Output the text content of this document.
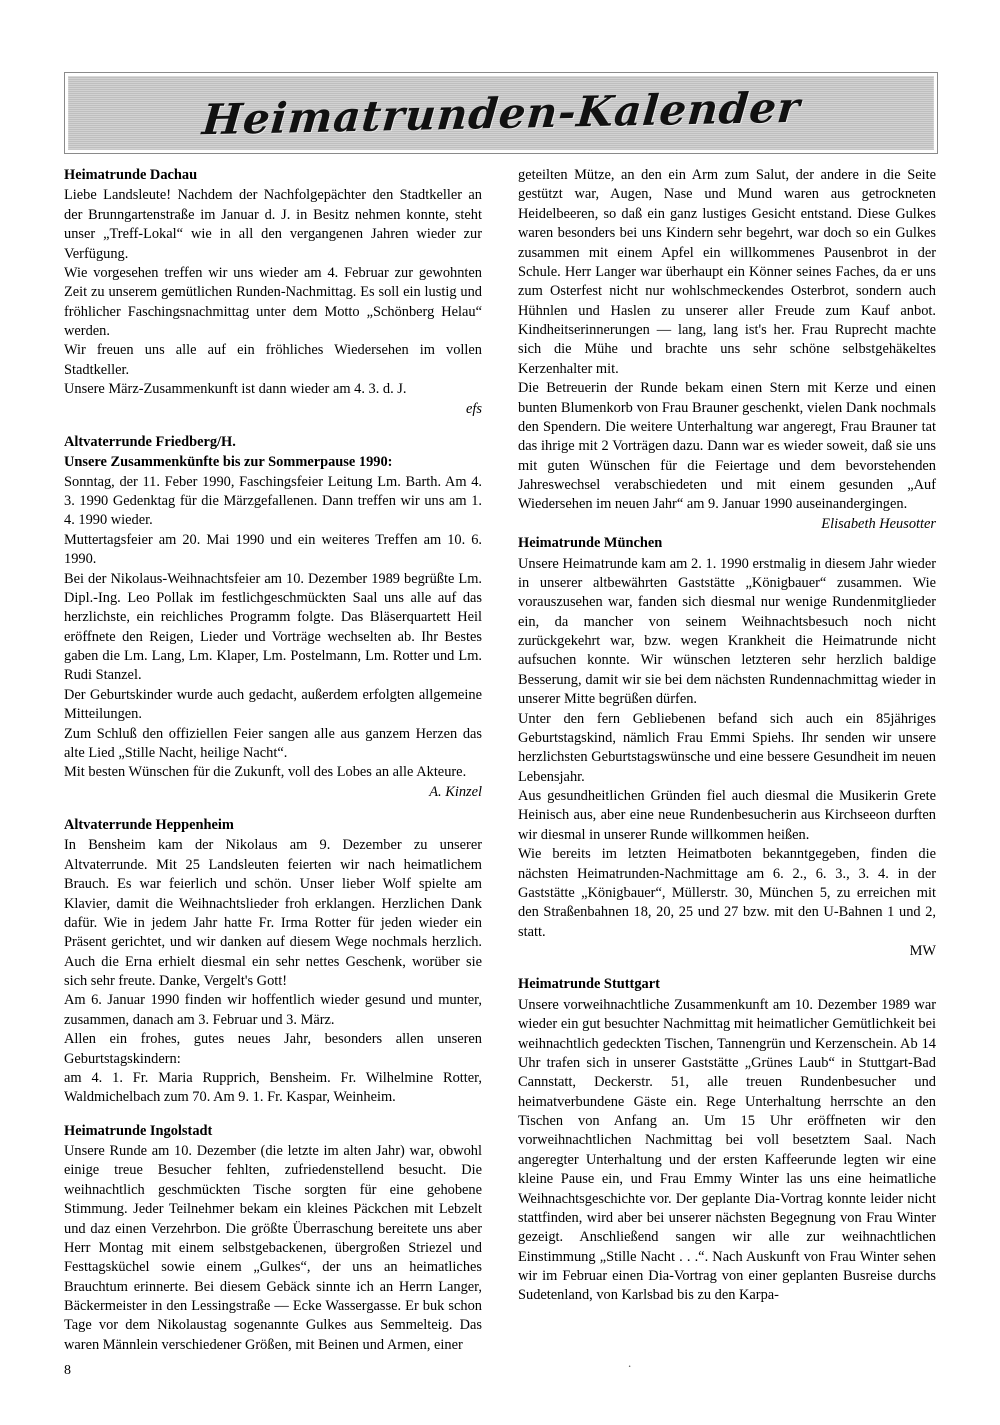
Heimatrunden-Kalender
Heimatrunde Dachau

Liebe Landsleute! Nachdem der Nachfolgepächter den Stadtkeller an der Brunngartenstraße im Januar d. J. in Besitz nehmen konnte, steht unser „Treff-Lokal“ wie in all den vergangenen Jahren wieder zur Verfügung.

Wie vorgesehen treffen wir uns wieder am 4. Februar zur gewohnten Zeit zu unserem gemütlichen Runden-Nachmittag. Es soll ein lustig und fröhlicher Faschingsnachmittag unter dem Motto „Schönberg Helau“ werden.

Wir freuen uns alle auf ein fröhliches Wiedersehen im vollen Stadtkeller.

Unsere März-Zusammenkunft ist dann wieder am 4. 3. d. J.

efs
Altvaterrunde Friedberg/H.

Unsere Zusammenkünfte bis zur Sommerpause 1990:

Sonntag, der 11. Feber 1990, Faschingsfeier Leitung Lm. Barth. Am 4. 3. 1990 Gedenktag für die Märzgefallenen. Dann treffen wir uns am 1. 4. 1990 wieder.

Muttertagsfeier am 20. Mai 1990 und ein weiteres Treffen am 10. 6. 1990.

Bei der Nikolaus-Weihnachtsfeier am 10. Dezember 1989 begrüßte Lm. Dipl.-Ing. Leo Pollak im festlichgeschmückten Saal uns alle auf das herzlichste, ein reichliches Programm folgte. Das Bläserquartett Heil eröffnete den Reigen, Lieder und Vorträge wechselten ab. Ihr Bestes gaben die Lm. Lang, Lm. Klaper, Lm. Postelmann, Lm. Rotter und Lm. Rudi Stanzel.

Der Geburtskinder wurde auch gedacht, außerdem erfolgten allgemeine Mitteilungen.

Zum Schluß den offiziellen Feier sangen alle aus ganzem Herzen das alte Lied „Stille Nacht, heilige Nacht“.

Mit besten Wünschen für die Zukunft, voll des Lobes an alle Akteure.

A. Kinzel
Altvaterrunde Heppenheim

In Bensheim kam der Nikolaus am 9. Dezember zu unserer Altvaterrunde. Mit 25 Landsleuten feierten wir nach heimatlichem Brauch. Es war feierlich und schön. Unser lieber Wolf spielte am Klavier, damit die Weihnachtslieder froh erklangen. Herzlichen Dank dafür. Wie in jedem Jahr hatte Fr. Irma Rotter für jeden wieder ein Präsent gerichtet, und wir danken auf diesem Wege nochmals herzlich. Auch die Erna erhielt diesmal ein sehr nettes Geschenk, worüber sie sich sehr freute. Danke, Vergelt's Gott!

Am 6. Januar 1990 finden wir hoffentlich wieder gesund und munter, zusammen, danach am 3. Februar und 3. März.

Allen ein frohes, gutes neues Jahr, besonders allen unseren Geburtstagskindern:

am 4. 1. Fr. Maria Rupprich, Bensheim. Fr. Wilhelmine Rotter, Waldmichelbach zum 70. Am 9. 1. Fr. Kaspar, Weinheim.

Heimatrunde Ingolstadt

Unsere Runde am 10. Dezember (die letzte im alten Jahr) war, obwohl einige treue Besucher fehlten, zufriedenstellend besucht. Die weihnachtlich geschmückten Tische sorgten für eine gehobene Stimmung. Jeder Teilnehmer bekam ein kleines Päckchen mit Lebzelt und daz einen Verzehrbon. Die größte Überraschung bereitete uns aber Herr Montag mit einem selbstgebackenen, übergroßen Striezel und Festtagsküchel sowie einem „Gulkes“, der uns an heimatliches Brauchtum erinnerte. Bei diesem Gebäck sinnte ich an Herrn Langer, Bäckermeister in den Lessingstraße — Ecke Wassergasse. Er buk schon Tage vor dem Nikolaustag sogenannte Gulkes aus Semmelteig. Das waren Männlein verschiedener Größen, mit Beinen und Armen, einer

geteilten Mütze, an den ein Arm zum Salut, der andere in die Seite gestützt war, Augen, Nase und Mund waren aus getrockneten Heidelbeeren, so daß ein ganz lustiges Gesicht entstand. Diese Gulkes waren besonders bei uns Kindern sehr begehrt, war doch so ein Gulkes zusammen mit einem Apfel ein willkommenes Pausenbrot in der Schule. Herr Langer war überhaupt ein Könner seines Faches, da er uns zum Osterfest nicht nur wohlschmeckendes Osterbrot, sondern auch Hühnlen und Haslen zu unserer aller Freude zum Kauf anbot. Kindheitserinnerungen — lang, lang ist's her. Frau Ruprecht machte sich die Mühe und brachte uns sehr schöne selbstgehäkeltes Kerzenhalter mit.

Die Betreuerin der Runde bekam einen Stern mit Kerze und einen bunten Blumenkorb von Frau Brauner geschenkt, vielen Dank nochmals den Spendern. Die weitere Unterhaltung war angeregt, Frau Brauner tat das ihrige mit 2 Vorträgen dazu. Dann war es wieder soweit, daß sie uns mit guten Wünschen für die Feiertage und dem bevorstehenden Jahreswechsel verabschiedeten und mit einem gesunden „Auf Wiedersehen im neuen Jahr“ am 9. Januar 1990 auseinandergingen.

Elisabeth Heusotter
Heimatrunde München

Unsere Heimatrunde kam am 2. 1. 1990 erstmalig in diesem Jahr wieder in unserer altbewährten Gaststätte „Königbauer“ zusammen. Wie vorauszusehen war, fanden sich diesmal nur wenige Rundenmitglieder ein, da mancher von seinem Weihnachtsbesuch noch nicht zurückgekehrt war, bzw. wegen Krankheit die Heimatrunde nicht aufsuchen konnte. Wir wünschen letzteren sehr herzlich baldige Besserung, damit wir sie bei dem nächsten Rundennachmittag wieder in unserer Mitte begrüßen dürfen.

Unter den fern Gebliebenen befand sich auch ein 85jähriges Geburtstagskind, nämlich Frau Emmi Spiehs. Ihr senden wir unsere herzlichsten Geburtstagswünsche und eine bessere Gesundheit im neuen Lebensjahr.

Aus gesundheitlichen Gründen fiel auch diesmal die Musikerin Grete Heinisch aus, aber eine neue Rundenbesucherin aus Kirchseeon durften wir diesmal in unserer Runde willkommen heißen.

Wie bereits im letzten Heimatboten bekanntgegeben, finden die nächsten Heimatrunden-Nachmittage am 6. 2., 6. 3., 3. 4. in der Gaststätte „Königbauer“, Müllerstr. 30, München 5, zu erreichen mit den Straßenbahnen 18, 20, 25 und 27 bzw. mit den U-Bahnen 1 und 2, statt.

MW
Heimatrunde Stuttgart

Unsere vorweihnachtliche Zusammenkunft am 10. Dezember 1989 war wieder ein gut besuchter Nachmittag mit heimatlicher Gemütlichkeit bei weihnachtlich gedeckten Tischen, Tannengrün und Kerzenschein. Ab 14 Uhr trafen sich in unserer Gaststätte „Grünes Laub“ in Stuttgart-Bad Cannstatt, Deckerstr. 51, alle treuen Rundenbesucher und heimatverbundene Gäste ein. Rege Unterhaltung herrschte an den Tischen von Anfang an. Um 15 Uhr eröffneten wir den vorweihnachtlichen Nachmittag bei voll besetztem Saal. Nach angeregter Unterhaltung und der ersten Kaffeerunde legten wir eine kleine Pause ein, und Frau Emmy Winter las uns eine heimatliche Weihnachtsgeschichte vor. Der geplante Dia-Vortrag konnte leider nicht stattfinden, wird aber bei unserer nächsten Begegnung von Frau Winter gezeigt. Anschließend sangen wir alle zur weihnachtlichen Einstimmung „Stille Nacht . . .“. Nach Auskunft von Frau Winter sehen wir im Februar einen Dia-Vortrag von einer geplanten Busreise durchs Sudetenland, von Karlsbad bis zu den Karpa-

.
8
